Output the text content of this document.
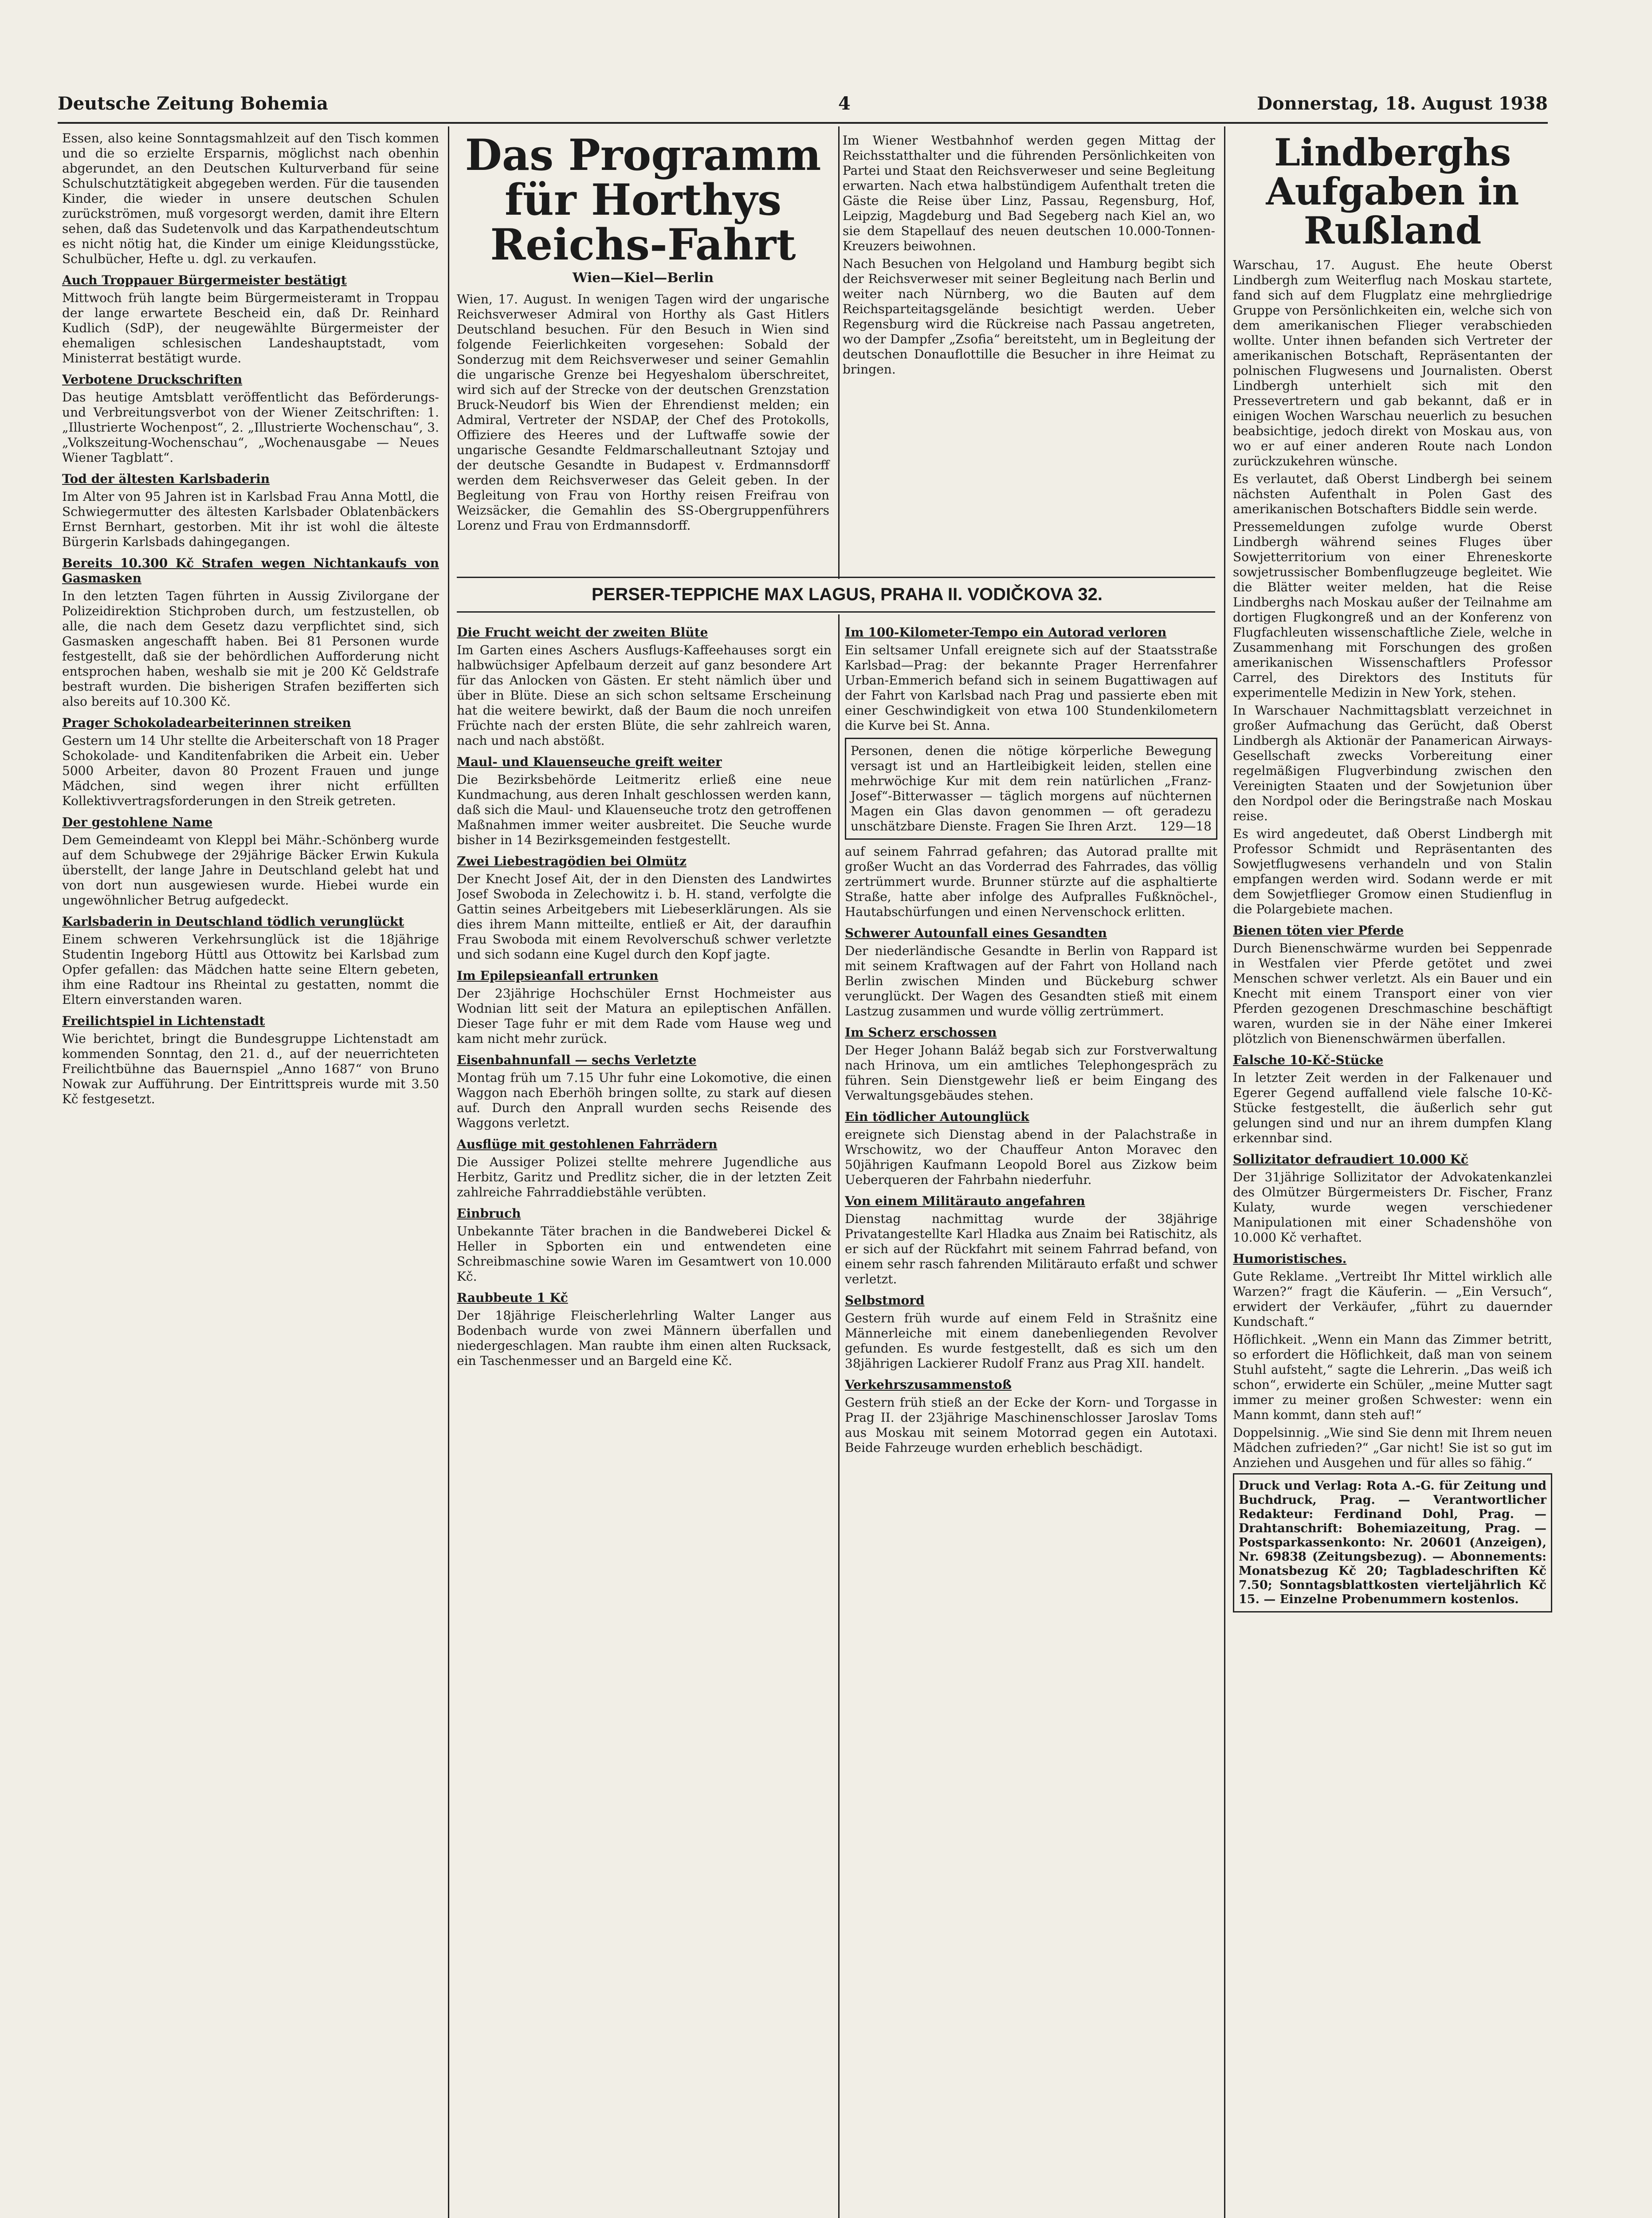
Deutsche Zeitung Bohemia	4	Donnerstag, 18. August 1938

Essen, also keine Sonntagsmahlzeit auf den Tisch kommen und die so erzielte Ersparnis, möglichst nach obenhin abgerundet, an den Deutschen Kulturverband für seine Schulschutztätigkeit abgegeben werden. Für die tausenden Kinder, die wieder in unsere deutschen Schulen zurückströmen, muß vorgesorgt werden, damit ihre Eltern sehen, daß das Sudetenvolk und das Karpathendeutschtum es nicht nötig hat, die Kinder um einige Kleidungsstücke, Schulbücher, Hefte u. dgl. zu verkaufen.

Auch Troppauer Bürgermeister bestätigt

Mittwoch früh langte beim Bürgermeisteramt in Troppau der lange erwartete Bescheid ein, daß Dr. Reinhard Kudlich (SdP), der neugewählte Bürgermeister der ehemaligen schlesischen Landeshauptstadt, vom Ministerrat bestätigt wurde.

Verbotene Druckschriften

Das heutige Amtsblatt veröffentlicht das Beförderungs- und Verbreitungsverbot von der Wiener Zeitschriften: 1. „Illustrierte Wochenpost“, 2. „Illustrierte Wochenschau“, 3. „Volkszeitung-Wochenschau“, „Wochenausgabe — Neues Wiener Tagblatt“.

Tod der ältesten Karlsbaderin

Im Alter von 95 Jahren ist in Karlsbad Frau Anna Mottl, die Schwiegermutter des ältesten Karlsbader Oblatenbäckers Ernst Bernhart, gestorben. Mit ihr ist wohl die älteste Bürgerin Karlsbads dahingegangen.

Bereits 10.300 Kč Strafen wegen Nichtankaufs von Gasmasken

In den letzten Tagen führten in Aussig Zivilorgane der Polizeidirektion Stichproben durch, um festzustellen, ob alle, die nach dem Gesetz dazu verpflichtet sind, sich Gasmasken angeschafft haben. Bei 81 Personen wurde festgestellt, daß sie der behördlichen Aufforderung nicht entsprochen haben, weshalb sie mit je 200 Kč Geldstrafe bestraft wurden. Die bisherigen Strafen bezifferten sich also bereits auf 10.300 Kč.

Prager Schokoladearbeiterinnen streiken

Gestern um 14 Uhr stellte die Arbeiterschaft von 18 Prager Schokolade- und Kanditenfabriken die Arbeit ein. Ueber 5000 Arbeiter, davon 80 Prozent Frauen und junge Mädchen, sind wegen ihrer nicht erfüllten Kollektivvertragsforderungen in den Streik getreten.

Der gestohlene Name

Dem Gemeindeamt von Kleppl bei Mähr.-Schönberg wurde auf dem Schubwege der 29jährige Bäcker Erwin Kukula überstellt, der lange Jahre in Deutschland gelebt hat und von dort nun ausgewiesen wurde. Hiebei wurde ein ungewöhnlicher Betrug aufgedeckt.

Karlsbaderin in Deutschland tödlich verunglückt

Einem schweren Verkehrsunglück ist die 18jährige Studentin Ingeborg Hüttl aus Ottowitz bei Karlsbad zum Opfer gefallen: das Mädchen hatte seine Eltern gebeten, ihm eine Radtour ins Rheintal zu gestatten, nommt die Eltern einverstanden waren.

Freilichtspiel in Lichtenstadt

Wie berichtet, bringt die Bundesgruppe Lichtenstadt am kommenden Sonntag, den 21. d., auf der neuerrichteten Freilichtbühne das Bauernspiel „Anno 1687“ von Bruno Nowak zur Aufführung. Der Eintrittspreis wurde mit 3.50 Kč festgesetzt.

Das Programm für Horthys Reichs-Fahrt
Wien—Kiel—Berlin

Wien, 17. August. In wenigen Tagen wird der ungarische Reichsverweser Admiral von Horthy als Gast Hitlers Deutschland besuchen. Für den Besuch in Wien sind folgende Feierlichkeiten vorgesehen: Sobald der Sonderzug mit dem Reichsverweser und seiner Gemahlin die ungarische Grenze bei Hegyeshalom überschreitet, wird sich auf der Strecke von der deutschen Grenzstation Bruck-Neudorf bis Wien der Ehrendienst melden; ein Admiral, Vertreter der NSDAP, der Chef des Protokolls, Offiziere des Heeres und der Luftwaffe sowie der ungarische Gesandte Feldmarschalleutnant Sztojay und der deutsche Gesandte in Budapest v. Erdmannsdorff werden dem Reichsverweser das Geleit geben. In der Begleitung von Frau von Horthy reisen Freifrau von Weizsäcker, die Gemahlin des SS-Obergruppenführers Lorenz und Frau von Erdmannsdorff.

Im Wiener Westbahnhof werden gegen Mittag der Reichsstatthalter und die führenden Persönlichkeiten von Partei und Staat den Reichsverweser und seine Begleitung erwarten. Nach etwa halbstündigem Aufenthalt treten die Gäste die Reise über Linz, Passau, Regensburg, Hof, Leipzig, Magdeburg und Bad Segeberg nach Kiel an, wo sie dem Stapellauf des neuen deutschen 10.000-Tonnen-Kreuzers beiwohnen.

Nach Besuchen von Helgoland und Hamburg begibt sich der Reichsverweser mit seiner Begleitung nach Berlin und weiter nach Nürnberg, wo die Bauten auf dem Reichsparteitagsgelände besichtigt werden. Ueber Regensburg wird die Rückreise nach Passau angetreten, wo der Dampfer „Zsofia“ bereitsteht, um in Begleitung der deutschen Donauflottille die Besucher in ihre Heimat zu bringen.

PERSER-TEPPICHE MAX LAGUS, PRAHA II. VODIČKOVA 32.
Die Frucht weicht der zweiten Blüte

Im Garten eines Aschers Ausflugs-Kaffeehauses sorgt ein halbwüchsiger Apfelbaum derzeit auf ganz besondere Art für das Anlocken von Gästen. Er steht nämlich über und über in Blüte. Diese an sich schon seltsame Erscheinung hat die weitere bewirkt, daß der Baum die noch unreifen Früchte nach der ersten Blüte, die sehr zahlreich waren, nach und nach abstößt.

Maul- und Klauenseuche greift weiter

Die Bezirksbehörde Leitmeritz erließ eine neue Kundmachung, aus deren Inhalt geschlossen werden kann, daß sich die Maul- und Klauenseuche trotz den getroffenen Maßnahmen immer weiter ausbreitet. Die Seuche wurde bisher in 14 Bezirksgemeinden festgestellt.

Zwei Liebestragödien bei Olmütz

Der Knecht Josef Ait, der in den Diensten des Landwirtes Josef Swoboda in Zelechowitz i. b. H. stand, verfolgte die Gattin seines Arbeitgebers mit Liebeserklärungen. Als sie dies ihrem Mann mitteilte, entließ er Ait, der daraufhin Frau Swoboda mit einem Revolverschuß schwer verletzte und sich sodann eine Kugel durch den Kopf jagte.

Im Epilepsieanfall ertrunken

Der 23jährige Hochschüler Ernst Hochmeister aus Wodnian litt seit der Matura an epileptischen Anfällen. Dieser Tage fuhr er mit dem Rade vom Hause weg und kam nicht mehr zurück.

Eisenbahnunfall — sechs Verletzte

Montag früh um 7.15 Uhr fuhr eine Lokomotive, die einen Waggon nach Eberhöh bringen sollte, zu stark auf diesen auf. Durch den Anprall wurden sechs Reisende des Waggons verletzt.

Ausflüge mit gestohlenen Fahrrädern

Die Aussiger Polizei stellte mehrere Jugendliche aus Herbitz, Garitz und Predlitz sicher, die in der letzten Zeit zahlreiche Fahrraddiebstähle verübten.

Einbruch

Unbekannte Täter brachen in die Bandweberei Dickel & Heller in Spborten ein und entwendeten eine Schreibmaschine sowie Waren im Gesamtwert von 10.000 Kč.

Raubbeute 1 Kč

Der 18jährige Fleischerlehrling Walter Langer aus Bodenbach wurde von zwei Männern überfallen und niedergeschlagen. Man raubte ihm einen alten Rucksack, ein Taschenmesser und an Bargeld eine Kč.

Im 100-Kilometer-Tempo ein Autorad verloren

Ein seltsamer Unfall ereignete sich auf der Staatsstraße Karlsbad—Prag: der bekannte Prager Herrenfahrer Urban-Emmerich befand sich in seinem Bugattiwagen auf der Fahrt von Karlsbad nach Prag und passierte eben mit einer Geschwindigkeit von etwa 100 Stundenkilometern die Kurve bei St. Anna.

Personen, denen die nötige körperliche Bewegung versagt ist und an Hartleibigkeit leiden, stellen eine mehrwöchige Kur mit dem rein natürlichen „Franz-Josef“-Bitterwasser — täglich morgens auf nüchternen Magen ein Glas davon genommen — oft geradezu unschätzbare Dienste. Fragen Sie Ihren Arzt. 129—18

auf seinem Fahrrad gefahren; das Autorad prallte mit großer Wucht an das Vorderrad des Fahrrades, das völlig zertrümmert wurde. Brunner stürzte auf die asphaltierte Straße, hatte aber infolge des Aufpralles Fußknöchel-, Hautabschürfungen und einen Nervenschock erlitten.

Schwerer Autounfall eines Gesandten

Der niederländische Gesandte in Berlin von Rappard ist mit seinem Kraftwagen auf der Fahrt von Holland nach Berlin zwischen Minden und Bückeburg schwer verunglückt. Der Wagen des Gesandten stieß mit einem Lastzug zusammen und wurde völlig zertrümmert.

Im Scherz erschossen

Der Heger Johann Baláž begab sich zur Forstverwaltung nach Hrinova, um ein amtliches Telephongespräch zu führen. Sein Dienstgewehr ließ er beim Eingang des Verwaltungsgebäudes stehen.

Ein tödlicher Autounglück

ereignete sich Dienstag abend in der Palachstraße in Wrschowitz, wo der Chauffeur Anton Moravec den 50jährigen Kaufmann Leopold Borel aus Zizkow beim Ueberqueren der Fahrbahn niederfuhr.

Von einem Militärauto angefahren

Dienstag nachmittag wurde der 38jährige Privatangestellte Karl Hladka aus Znaim bei Ratischitz, als er sich auf der Rückfahrt mit seinem Fahrrad befand, von einem sehr rasch fahrenden Militärauto erfaßt und schwer verletzt.

Selbstmord

Gestern früh wurde auf einem Feld in Strašnitz eine Männerleiche mit einem danebenliegenden Revolver gefunden. Es wurde festgestellt, daß es sich um den 38jährigen Lackierer Rudolf Franz aus Prag XII. handelt.

Verkehrszusammenstoß

Gestern früh stieß an der Ecke der Korn- und Torgasse in Prag II. der 23jährige Maschinenschlosser Jaroslav Toms aus Moskau mit seinem Motorrad gegen ein Autotaxi. Beide Fahrzeuge wurden erheblich beschädigt.

Lindberghs Aufgaben in Rußland

Warschau, 17. August. Ehe heute Oberst Lindbergh zum Weiterflug nach Moskau startete, fand sich auf dem Flugplatz eine mehrgliedrige Gruppe von Persönlichkeiten ein, welche sich von dem amerikanischen Flieger verabschieden wollte. Unter ihnen befanden sich Vertreter der amerikanischen Botschaft, Repräsentanten der polnischen Flugwesens und Journalisten. Oberst Lindbergh unterhielt sich mit den Pressevertretern und gab bekannt, daß er in einigen Wochen Warschau neuerlich zu besuchen beabsichtige, jedoch direkt von Moskau aus, von wo er auf einer anderen Route nach London zurückzukehren wünsche.

Es verlautet, daß Oberst Lindbergh bei seinem nächsten Aufenthalt in Polen Gast des amerikanischen Botschafters Biddle sein werde.

Pressemeldungen zufolge wurde Oberst Lindbergh während seines Fluges über Sowjetterritorium von einer Ehreneskorte sowjetrussischer Bombenflugzeuge begleitet. Wie die Blätter weiter melden, hat die Reise Lindberghs nach Moskau außer der Teilnahme am dortigen Flugkongreß und an der Konferenz von Flugfachleuten wissenschaftliche Ziele, welche in Zusammenhang mit Forschungen des großen amerikanischen Wissenschaftlers Professor Carrel, des Direktors des Instituts für experimentelle Medizin in New York, stehen.

In Warschauer Nachmittagsblatt verzeichnet in großer Aufmachung das Gerücht, daß Oberst Lindbergh als Aktionär der Panamerican Airways-Gesellschaft zwecks Vorbereitung einer regelmäßigen Flugverbindung zwischen den Vereinigten Staaten und der Sowjetunion über den Nordpol oder die Beringstraße nach Moskau reise.

Es wird angedeutet, daß Oberst Lindbergh mit Professor Schmidt und Repräsentanten des Sowjetflugwesens verhandeln und von Stalin empfangen werden wird. Sodann werde er mit dem Sowjetflieger Gromow einen Studienflug in die Polargebiete machen.

Bienen töten vier Pferde

Durch Bienenschwärme wurden bei Seppenrade in Westfalen vier Pferde getötet und zwei Menschen schwer verletzt. Als ein Bauer und ein Knecht mit einem Transport einer von vier Pferden gezogenen Dreschmaschine beschäftigt waren, wurden sie in der Nähe einer Imkerei plötzlich von Bienenschwärmen überfallen.

Falsche 10-Kč-Stücke

In letzter Zeit werden in der Falkenauer und Egerer Gegend auffallend viele falsche 10-Kč-Stücke festgestellt, die äußerlich sehr gut gelungen sind und nur an ihrem dumpfen Klang erkennbar sind.

Sollizitator defraudiert 10.000 Kč

Der 31jährige Sollizitator der Advokatenkanzlei des Olmützer Bürgermeisters Dr. Fischer, Franz Kulaty, wurde wegen verschiedener Manipulationen mit einer Schadenshöhe von 10.000 Kč verhaftet.

Humoristisches.

Gute Reklame. „Vertreibt Ihr Mittel wirklich alle Warzen?“ fragt die Käuferin. — „Ein Versuch“, erwidert der Verkäufer, „führt zu dauernder Kundschaft.“

Höflichkeit. „Wenn ein Mann das Zimmer betritt, so erfordert die Höflichkeit, daß man von seinem Stuhl aufsteht,“ sagte die Lehrerin. „Das weiß ich schon“, erwiderte ein Schüler, „meine Mutter sagt immer zu meiner großen Schwester: wenn ein Mann kommt, dann steh auf!“

Doppelsinnig. „Wie sind Sie denn mit Ihrem neuen Mädchen zufrieden?“ „Gar nicht! Sie ist so gut im Anziehen und Ausgehen und für alles so fähig.“

Druck und Verlag: Rota A.-G. für Zeitung und Buchdruck, Prag. — Verantwortlicher Redakteur: Ferdinand Dohl, Prag. — Drahtanschrift: Bohemiazeitung, Prag. — Postsparkassenkonto: Nr. 20601 (Anzeigen), Nr. 69838 (Zeitungsbezug). — Abonnements: Monatsbezug Kč 20; Tagbladeschriften Kč 7.50; Sonntagsblattkosten vierteljährlich Kč 15. — Einzelne Probenummern kostenlos.
